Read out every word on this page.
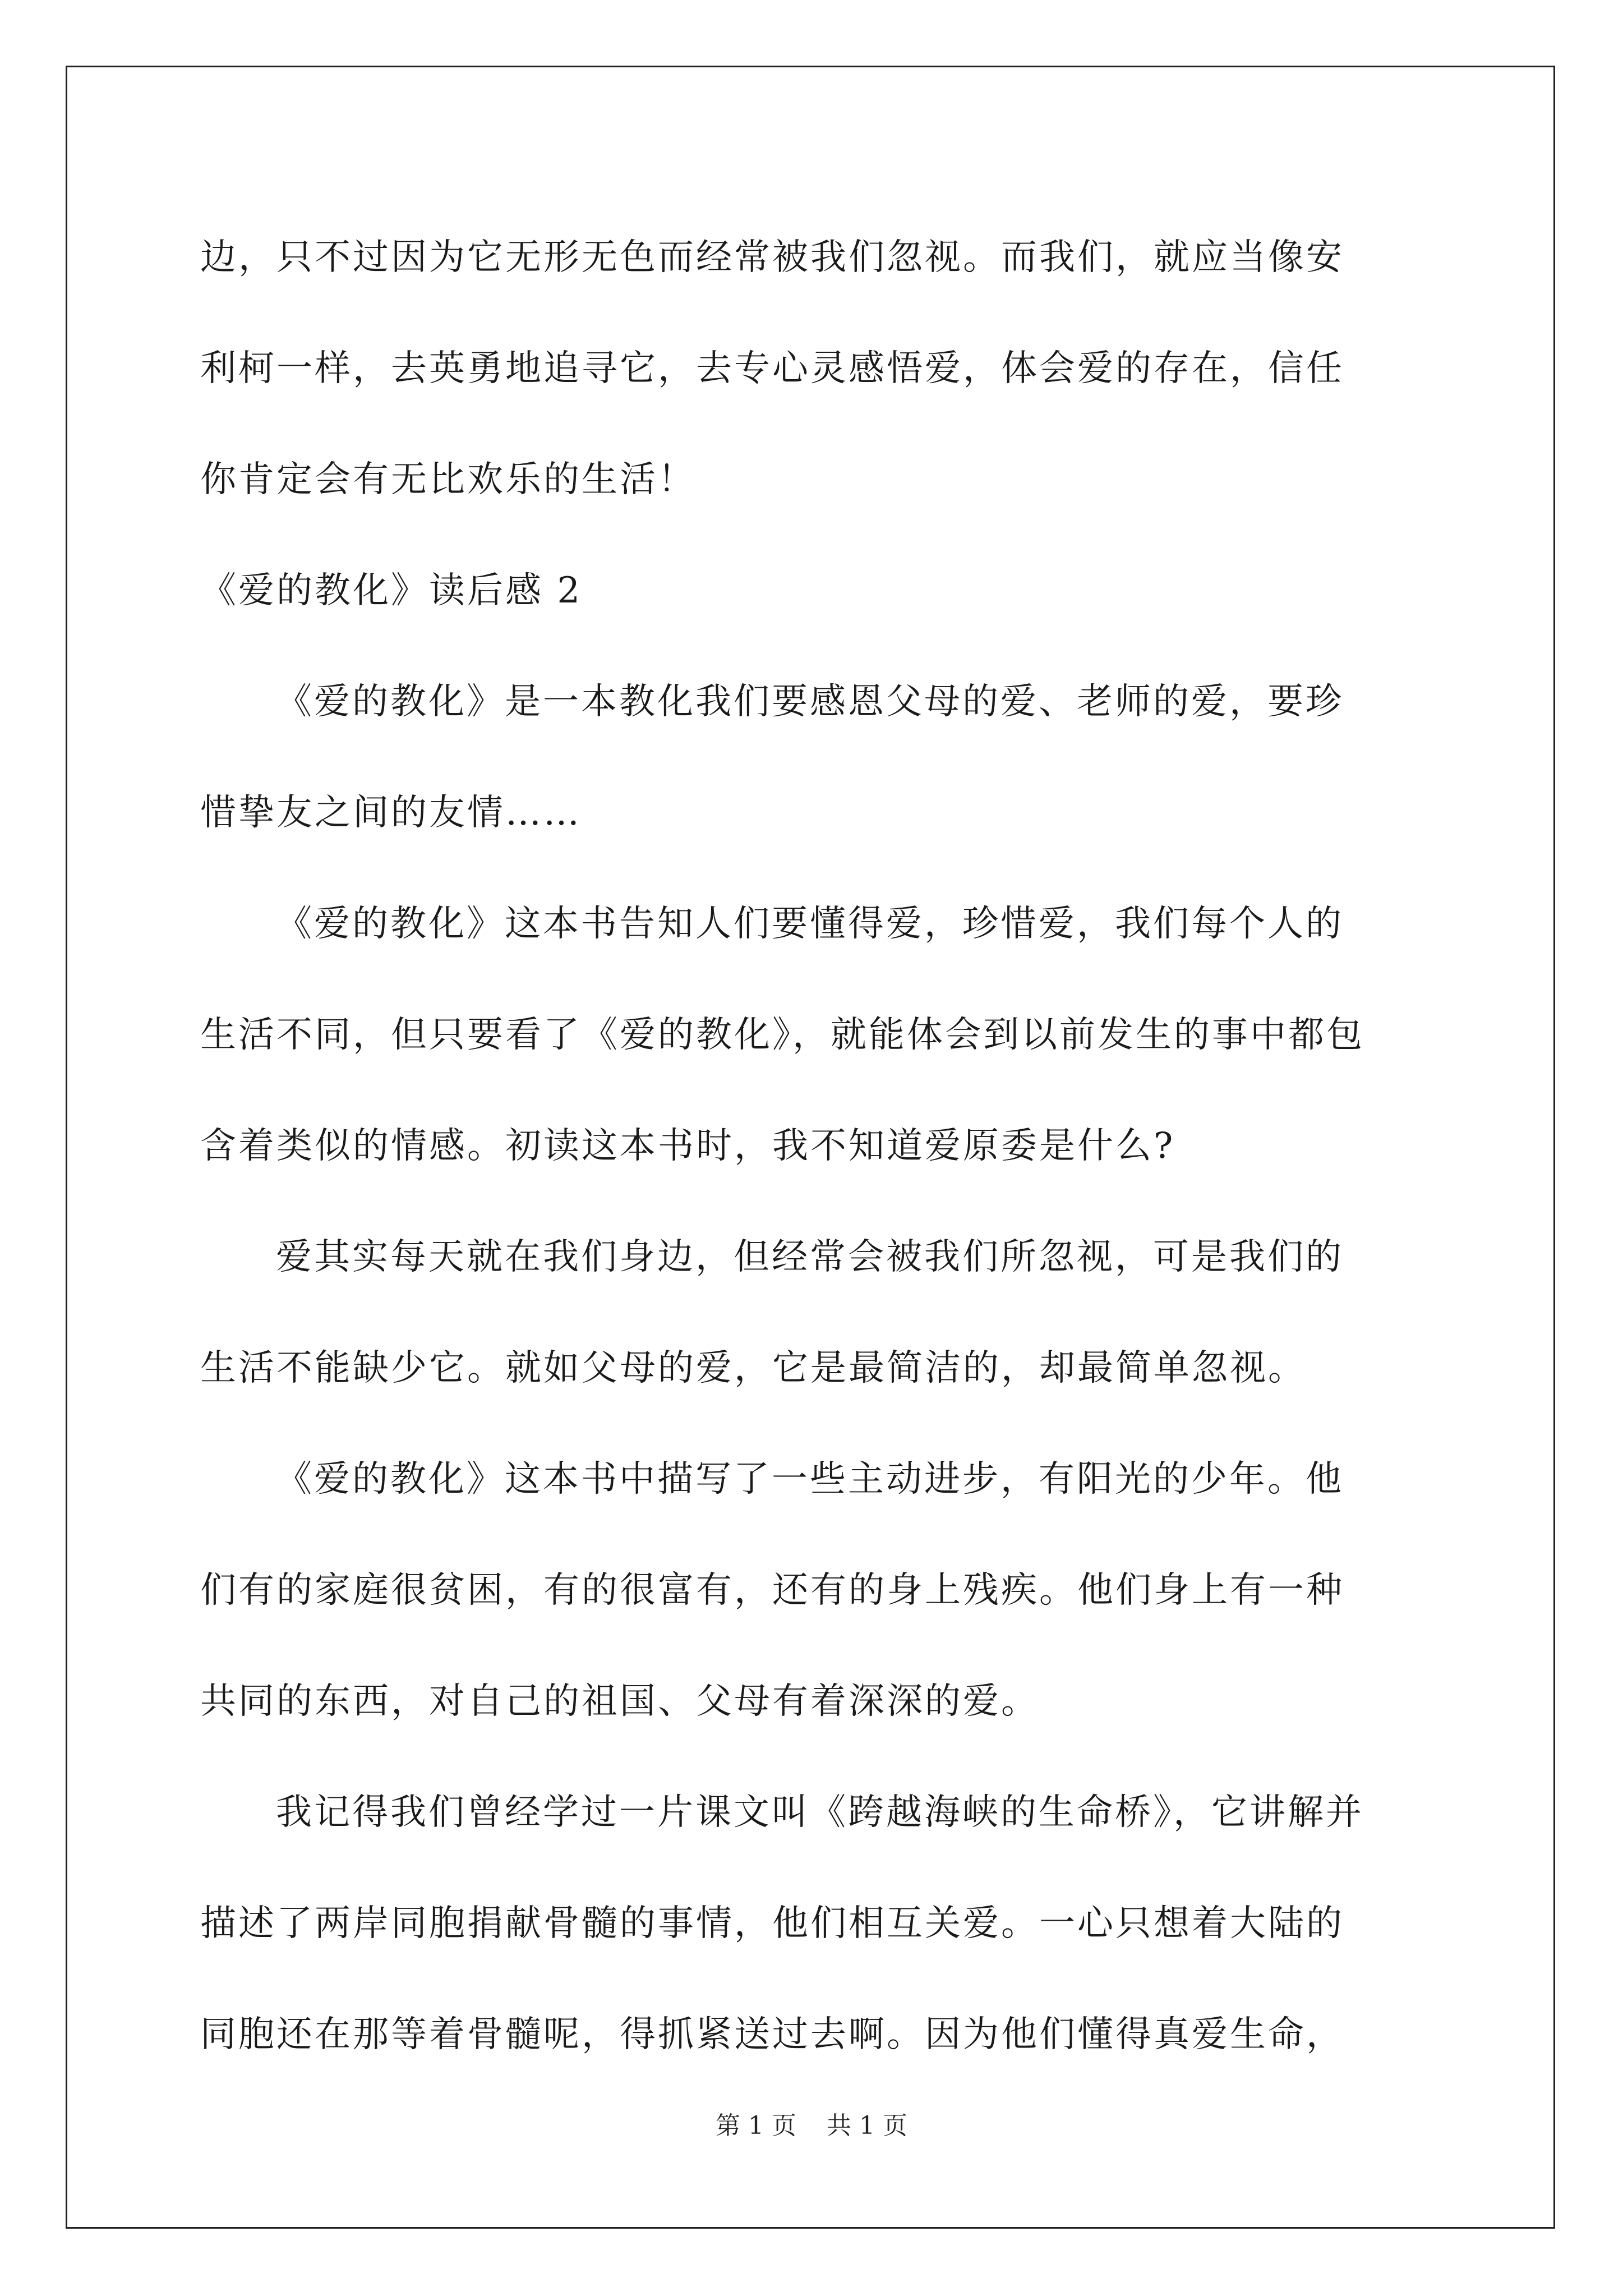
边，只不过因为它无形无色而经常被我们忽视。而我们，就应当像安
利柯一样，去英勇地追寻它，去专心灵感悟爱，体会爱的存在，信任
你肯定会有无比欢乐的生活！
《爱的教化》读后感 2
《爱的教化》是一本教化我们要感恩父母的爱、老师的爱，要珍
惜挚友之间的友情……
《爱的教化》这本书告知人们要懂得爱，珍惜爱，我们每个人的
生活不同，但只要看了《爱的教化》，就能体会到以前发生的事中都包
含着类似的情感。初读这本书时，我不知道爱原委是什么?
爱其实每天就在我们身边，但经常会被我们所忽视，可是我们的
生活不能缺少它。就如父母的爱，它是最简洁的，却最简单忽视。
《爱的教化》这本书中描写了一些主动进步，有阳光的少年。他
们有的家庭很贫困，有的很富有，还有的身上残疾。他们身上有一种
共同的东西，对自己的祖国、父母有着深深的爱。
我记得我们曾经学过一片课文叫《跨越海峡的生命桥》，它讲解并
描述了两岸同胞捐献骨髓的事情，他们相互关爱。一心只想着大陆的
同胞还在那等着骨髓呢，得抓紧送过去啊。因为他们懂得真爱生命，
第 1 页 共 1 页
